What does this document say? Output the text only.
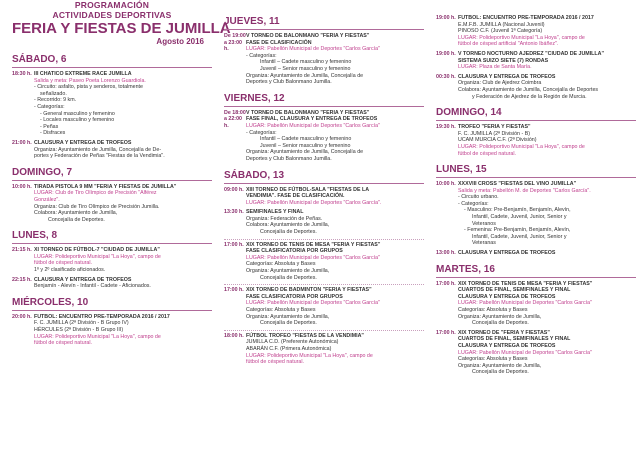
PROGRAMACIÓN
ACTIVIDADES DEPORTIVAS
FERIA Y FIESTAS DE JUMILLA
Agosto 2016
SÁBADO, 6
18:30 h. III CHATICO EXTREME RACE JUMILLA
Salida y meta: Paseo Poeta Lorenzo Guardiola.
- Circuito: asfalto, pista y senderos, totalmente
señalizado.
- Recorrido: 9 km.
- Categorías:
- General masculino y femenino
- Locales masculino y femenino
- Peñas
- Disfraces
21:00 h. CLAUSURA Y ENTREGA DE TROFEOS
Organiza: Ayuntamiento de Jumilla, Concejalía de De-
portes y Federación de Peñas "Fiestas de la Vendimia".
DOMINGO, 7
10:00 h. TIRADA PISTOLA 9 MM "FERIA Y FIESTAS DE JUMILLA"
LUGAR: Club de Tiro Olímpico de Precisión "Alférez
González".
Organiza: Club de Tiro Olímpico de Precisión Jumilla.
Colabora: Ayuntamiento de Jumilla,
Concejalía de Deportes.
LUNES, 8
21:15 h. XI TORNEO DE FÚTBOL-7 "CIUDAD DE JUMILLA"
LUGAR: Polideportivo Municipal "La Hoya", campo de
fútbol de césped natural.
1º y 2º clasificado aficionados.
22:15 h. CLAUSURA Y ENTREGA DE TROFEOS
Benjamín - Alevín - Infantil - Cadete - Aficionados.
MIÉRCOLES, 10
20:00 h. FUTBOL: ENCUENTRO PRE-TEMPORADA 2016 / 2017
F. C. JUMILLA (2ª División - B Grupo IV)
HÉRCULES (2ª División - B Grupo III)
LUGAR: Polideportivo Municipal "La Hoya", campo de
fútbol de césped natural.
JUEVES, 11
De 19:00
a 23:00 h.
V TORNEO DE BALONMANO "FERIA Y FIESTAS"
FASE DE CLASIFICACIÓN
LUGAR: Pabellón Municipal de Deportes "Carlos García"
- Categorías:
Infantil – Cadete masculino y femenino
Juvenil – Senior masculino y femenino
Organiza: Ayuntamiento de Jumilla, Concejalía de
Deportes y Club Balonmano Jumilla.
VIERNES, 12
De 18:00
a 22:00 h.
V TORNEO DE BALONMANO "FERIA Y FIESTAS"
FASE FINAL, CLAUSURA Y ENTREGA DE TROFEOS
LUGAR: Pabellón Municipal de Deportes "Carlos García"
- Categorías:
Infantil – Cadete masculino y femenino
Juvenil – Senior masculino y femenino
Organiza: Ayuntamiento de Jumilla, Concejalía de
Deportes y Club Balonmano Jumilla.
SÁBADO, 13
09:00 h. XIII TORNEO DE FÚTBOL-SALA "FIESTAS DE LA
VENDIMIA". FASE DE CLASIFICACIÓN.
LUGAR: Pabellón Municipal de Deportes "Carlos García".
13:30 h. SEMIFINALES Y FINAL
Organiza: Federación de Peñas.
Colabora: Ayuntamiento de Jumilla,
Concejalía de Deportes.
17:00 h. XIX TORNEO DE TENIS DE MESA "FERIA Y FIESTAS"
FASE CLASIFICATORIA POR GRUPOS
LUGAR: Pabellón Municipal de Deportes "Carlos García"
Categorías: Absoluta y Bases
Organiza: Ayuntamiento de Jumilla,
Concejalía de Deportes.
17:00 h. XIX TORNEO DE BADMINTON "FERIA Y FIESTAS"
FASE CLASIFICATORIA POR GRUPOS
LUGAR: Pabellón Municipal de Deportes "Carlos García"
Categorías: Absoluta y Bases
Organiza: Ayuntamiento de Jumilla,
Concejalía de Deportes.
18:00 h. FÚTBOL TROFEO "FIESTAS DE LA VENDIMIA"
JUMILLA C.D. (Preferente Autonómica)
ABARÁN C.F. (Primera Autonómica)
LUGAR: Polideportivo Municipal "La Hoya", campo de
fútbol de césped natural.
19:00 h. FUTBOL: ENCUENTRO PRE-TEMPORADA 2016 / 2017
E.M.F.B. JUMILLA (Nacional Juvenil)
PINOSO C.F. (Juvenil 1ª Categoría)
LUGAR: Polideportivo Municipal "La Hoya", campo de
fútbol de césped artificial "Antonio Ibáñez".
19:00 h. V TORNEO NOCTURNO AJEDREZ "CIUDAD DE JUMILLA"
SISTEMA SUIZO SIETE (7) RONDAS
LUGAR: Plaza de Santa María.
00:30 h. CLAUSURA Y ENTREGA DE TROFEOS
Organiza: Club de Ajedrez Coimbra
Colabora: Ayuntamiento de Jumilla, Concejalía de Deportes
y Federación de Ajedrez de la Región de Murcia.
DOMINGO, 14
19:30 h. TROFEO "FERIA Y FIESTAS"
F. C. JUMILLA (2ª División - B)
UCAM MURCIA C.F. (2ª División)
LUGAR: Polideportivo Municipal "La Hoya", campo de
fútbol de césped natural.
LUNES, 15
10:00 h. XXXVIII CROSS "FIESTAS DEL VINO JUMILLA"
Salida y meta: Pabellón M. de Deportes "Carlos García".
- Circuito urbano.
- Categorías:
- Masculino: Pre-Benjamín, Benjamín, Alevín,
Infantil, Cadete, Juvenil, Junior, Senior y
Veteranos
- Femenina: Pre-Benjamín, Benjamín, Alevín,
Infantil, Cadete, Juvenil, Junior, Senior y
Veteranas
13:00 h. CLAUSURA Y ENTREGA DE TROFEOS
MARTES, 16
17:00 h. XIX TORNEO DE TENIS DE MESA "FERIA Y FIESTAS"
CUARTOS DE FINAL, SEMIFINALES Y FINAL
CLAUSURA Y ENTREGA DE TROFEOS
LUGAR: Pabellón Municipal de Deportes "Carlos García"
Categorías: Absoluta y Bases
Organiza: Ayuntamiento de Jumilla,
Concejalía de Deportes.
17:00 h. XIX TORNEO DE "FERIA Y FIESTAS"
CUARTOS DE FINAL, SEMIFINALES Y FINAL
CLAUSURA Y ENTREGA DE TROFEOS
LUGAR: Pabellón Municipal de Deportes "Carlos García"
Categorías: Absoluta y Bases
Organiza: Ayuntamiento de Jumilla,
Concejalía de Deportes.
